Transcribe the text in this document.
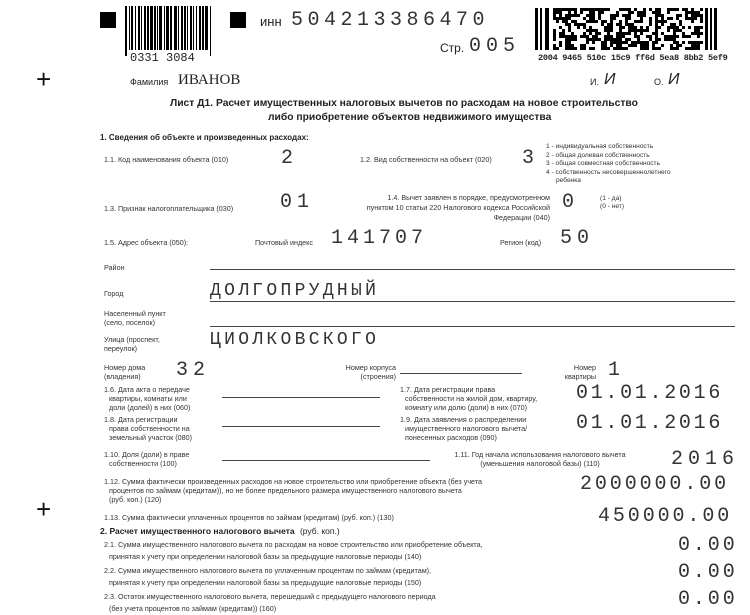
0331 3084
инн 504213386470
Стр. 005 2004 9465 510c 15c9 ff6d 5ea8 8bb2 5ef9
+
+
Фамилия ИВАНОВ	И. И	О. И
Лист Д1. Расчет имущественных налоговых вычетов по расходам на новое строительство
либо приобретение объектов недвижимого имущества
1. Сведения об объекте и произведенных расходах:
1.1. Код наименования объекта (010)	2	1.2. Вид собственности на объект (020) 3
1 - индивидуальная собственность
2 - общая долевая собственность
3 - общая совместная собственность
4 - собственность несовершеннолетнего
ребенка
1.3. Признак налогоплательщика (030) 01	1.4. Вычет заявлен в порядке, предусмотренном
пунктом 10 статьи 220 Налогового кодекса Российской
Федерации (040)
0	(1 - да)
(0 - нет)
1.5. Адрес объекта (050):	Почтовый индекс 141707	Регион (код) 50
Район
Город	ДОЛГОПРУДНЫЙ
Населенный пункт
(село, поселок)
Улица (проспект,
переулок)	ЦИОЛКОВСКОГО
Номер дома
(владения) 32	Номер корпуса
(строения)
Номер
квартиры 1
1.6. Дата акта о передаче
квартиры, комнаты или
доли (долей) в них (060)
1.7. Дата регистрации права
собственности на жилой дом, квартиру,
комнату или долю (доли) в них (070)
01.01.2016
1.8. Дата регистрации
права собственности на
земельный участок (080)
1.9. Дата заявления о распределении
имущественного налогового вычета/
понесенных расходов (090)
01.01.2016
1.10. Доля (доли) в праве
собственности (100)
1.11. Год начала использования налогового вычета
(уменьшения налоговой базы) (110)	2016
1.12. Сумма фактически произведенных расходов на новое строительство или приобретение объекта (без учета
процентов по займам (кредитам)), но не более предельного размера имущественного налогового вычета
(руб. коп.) (120)
2000000.00
1.13. Сумма фактически уплаченных процентов по займам (кредитам) (руб. коп.) (130)	450000.00
2. Расчет имущественного налогового вычета (руб. коп.)
2.1. Сумма имущественного налогового вычета по расходам на новое строительство или приобретение объекта,
принятая к учету при определении налоговой базы за предыдущие налоговые периоды (140)	0.00
2.2. Сумма имущественного налогового вычета по уплаченным процентам по займам (кредитам),
принятая к учету при определении налоговой базы за предыдущие налоговые периоды (150)	0.00
2.3. Остаток имущественного налогового вычета, перешедший с предыдущего налогового периода
(без учета процентов по займам (кредитам)) (160)	0.00
